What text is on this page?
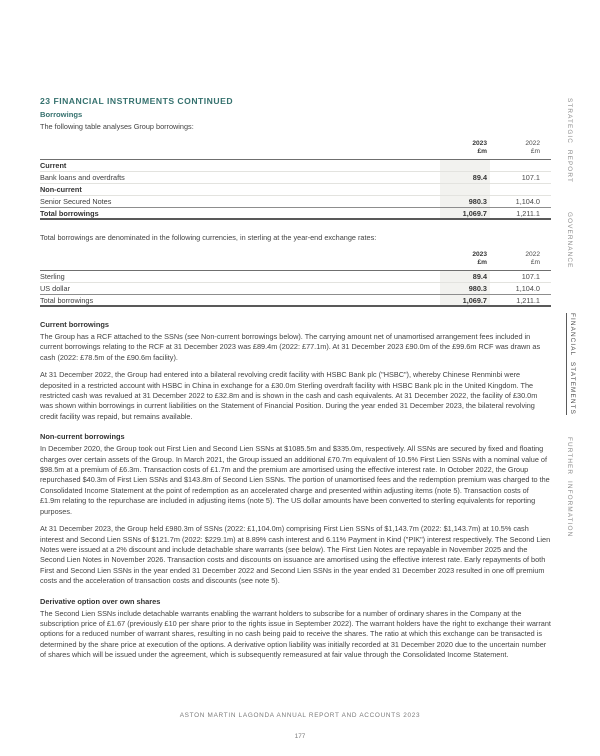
23 FINANCIAL INSTRUMENTS CONTINUED
Borrowings
The following table analyses Group borrowings:
2023
£m
2022
£m
Current
Bank loans and overdrafts	89.4	107.1
Non-current
Senior Secured Notes	980.3	1,104.0
Total borrowings	1,069.7	1,211.1
Total borrowings are denominated in the following currencies, in sterling at the year-end exchange rates:
2023
£m
2022
£m
Sterling	89.4	107.1
US dollar	980.3	1,104.0
Total borrowings	1,069.7	1,211.1
Current borrowings

The Group has a RCF attached to the SSNs (see Non-current borrowings below). The carrying amount net of unamortised arrangement fees included in current borrowings relating to the RCF at 31 December 2023 was £89.4m (2022: £77.1m). At 31 December 2023 £90.0m of the £99.6m RCF was drawn as cash (2022: £78.5m of the £90.6m facility).

At 31 December 2022, the Group had entered into a bilateral revolving credit facility with HSBC Bank plc ("HSBC"), whereby Chinese Renminbi were deposited in a restricted account with HSBC in China in exchange for a £30.0m Sterling overdraft facility with HSBC Bank plc in the United Kingdom. The restricted cash was revalued at 31 December 2022 to £32.8m and is shown in the cash and cash equivalents. At 31 December 2022, the facility of £30.0m was shown within borrowings in current liabilities on the Statement of Financial Position. During the year ended 31 December 2023, the bilateral revolving credit facility was repaid, but remains available.

Non-current borrowings

In December 2020, the Group took out First Lien and Second Lien SSNs at $1085.5m and $335.0m, respectively. All SSNs are secured by fixed and floating charges over certain assets of the Group. In March 2021, the Group issued an additional £70.7m equivalent of 10.5% First Lien SSNs with a nominal value of $98.5m at a premium of £6.3m. Transaction costs of £1.7m and the premium are amortised using the effective interest rate. In October 2022, the Group repurchased $40.3m of First Lien SSNs and $143.8m of Second Lien SSNs. The portion of unamortised fees and the redemption premium was charged to the Consolidated Income Statement at the point of redemption as an accelerated charge and presented within adjusting items (note 5). Transaction costs of £1.9m relating to the repurchase are included in adjusting items (note 5). The US dollar amounts have been converted to sterling equivalents for reporting purposes.

At 31 December 2023, the Group held £980.3m of SSNs (2022: £1,104.0m) comprising First Lien SSNs of $1,143.7m (2022: $1,143.7m) at 10.5% cash interest and Second Lien SSNs of $121.7m (2022: $229.1m) at 8.89% cash interest and 6.11% Payment in Kind ("PIK") interest respectively. The Second Lien Notes were issued at a 2% discount and include detachable share warrants (see below). The First Lien Notes are repayable in November 2025 and the Second Lien Notes in November 2026. Transaction costs and discounts on issuance are amortised using the effective interest rate. Early repayments of both First and Second Lien SSNs in the year ended 31 December 2022 and Second Lien SSNs in the year ended 31 December 2023 resulted in one off premium costs and the acceleration of transaction costs and discounts (see note 5).

Derivative option over own shares

The Second Lien SSNs include detachable warrants enabling the warrant holders to subscribe for a number of ordinary shares in the Company at the subscription price of £1.67 (previously £10 per share prior to the rights issue in September 2022). The warrant holders have the right to exchange their warrant options for a reduced number of warrant shares, resulting in no cash being paid to receive the shares. The ratio at which this exchange can be transacted is determined by the share price at execution of the options. A derivative option liability was initially recorded at 31 December 2020 due to the uncertain number of shares which will be issued under the agreement, which is subsequently remeasured at fair value through the Consolidated Income Statement.

STRATEGIC REPORT
GOVERNANCE
FINANCIAL STATEMENTS
FURTHER INFORMATION
ASTON MARTIN LAGONDA ANNUAL REPORT AND ACCOUNTS 2023
177
